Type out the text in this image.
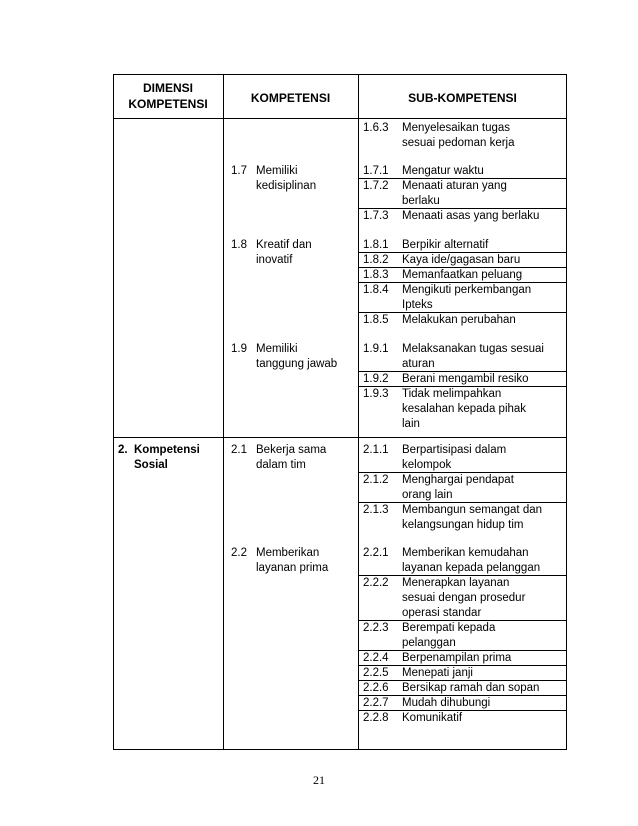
DIMENSI
KOMPETENSI	KOMPETENSI	SUB-KOMPETENSI
2. Kompetensi
Sosial
1.7 Memiliki
kedisiplinan
1.8 Kreatif dan
inovatif
1.9 Memiliki
tanggung jawab
2.1 Bekerja sama
dalam tim
2.2 Memberikan
layanan prima
1.6.3 Menyelesaikan tugas
sesuai pedoman kerja
1.7.1 Mengatur waktu
1.7.2 Menaati aturan yang
berlaku
1.7.3 Menaati asas yang berlaku
1.8.1 Berpikir alternatif
1.8.2 Kaya ide/gagasan baru
1.8.3 Memanfaatkan peluang
1.8.4 Mengikuti perkembangan
Ipteks
1.8.5 Melakukan perubahan
1.9.1 Melaksanakan tugas sesuai
aturan
1.9.2 Berani mengambil resiko
1.9.3 Tidak melimpahkan
kesalahan kepada pihak
lain
2.1.1 Berpartisipasi dalam
kelompok
2.1.2 Menghargai pendapat
orang lain
2.1.3 Membangun semangat dan
kelangsungan hidup tim
2.2.1 Memberikan kemudahan
layanan kepada pelanggan
2.2.2 Menerapkan layanan
sesuai dengan prosedur
operasi standar
2.2.3 Berempati kepada
pelanggan
2.2.4 Berpenampilan prima
2.2.5 Menepati janji
2.2.6 Bersikap ramah dan sopan
2.2.7 Mudah dihubungi
2.2.8 Komunikatif
21
